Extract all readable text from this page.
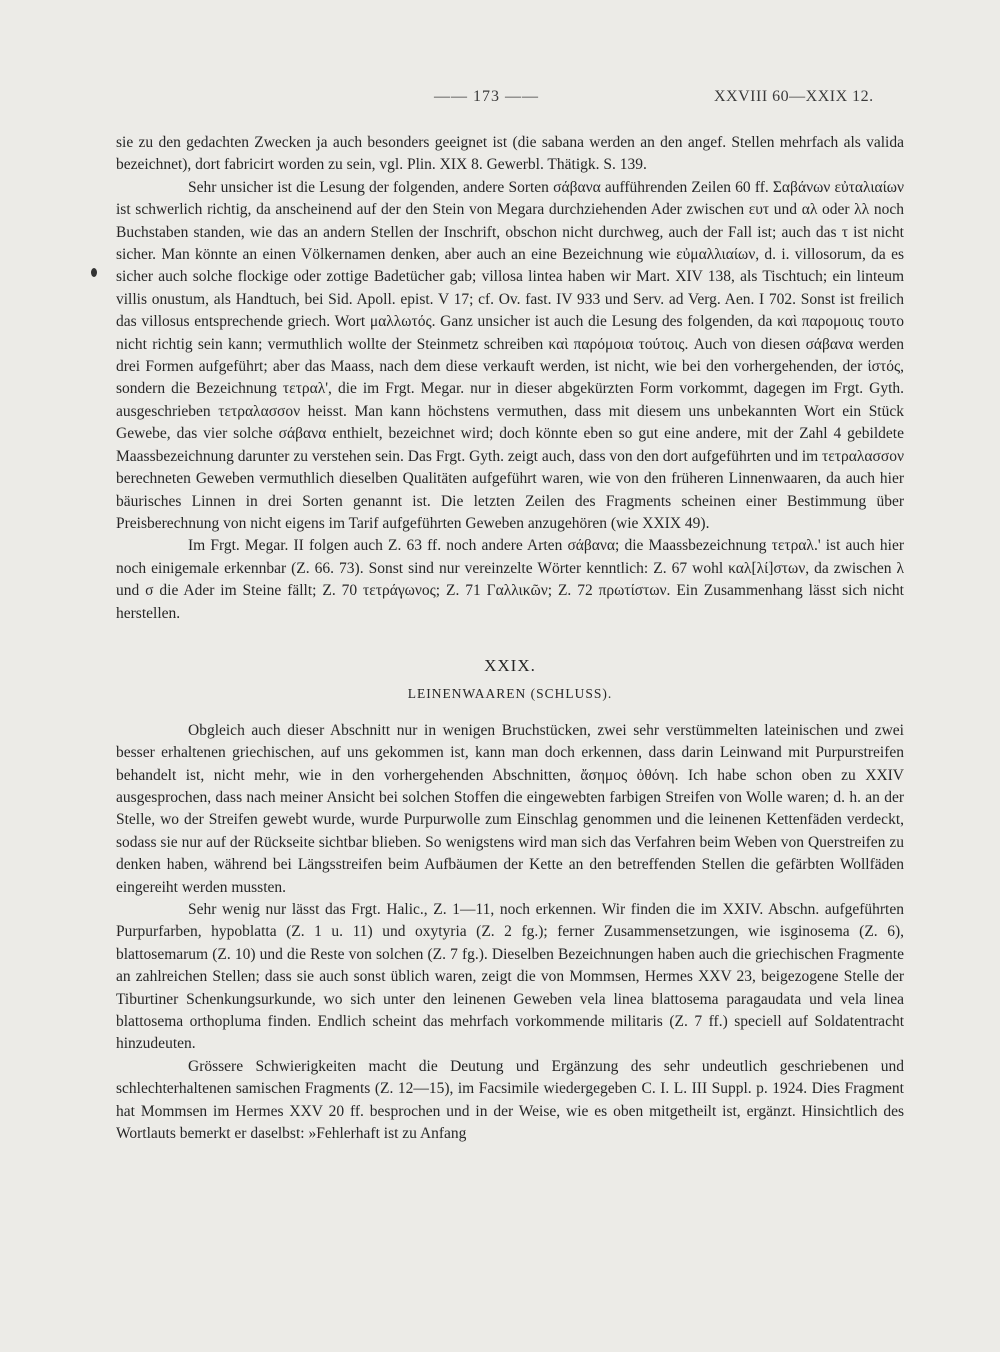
—— 173 ——	XXVIII 60—XXIX 12.

sie zu den gedachten Zwecken ja auch besonders geeignet ist (die sabana werden an den angef. Stellen mehrfach als valida bezeichnet), dort fabricirt worden zu sein, vgl. Plin. XIX 8. Gewerbl. Thätigk. S. 139.

Sehr unsicher ist die Lesung der folgenden, andere Sorten σάβανα aufführenden Zeilen 60 ff. Σαβάνων εὐταλιαίων ist schwerlich richtig, da anscheinend auf der den Stein von Megara durchziehenden Ader zwischen ευτ und αλ oder λλ noch Buchstaben standen, wie das an andern Stellen der Inschrift, obschon nicht durchweg, auch der Fall ist; auch das τ ist nicht sicher. Man könnte an einen Völkernamen denken, aber auch an eine Bezeichnung wie εὐμαλλιαίων, d. i. villosorum, da es sicher auch solche flockige oder zottige Badetücher gab; villosa lintea haben wir Mart. XIV 138, als Tischtuch; ein linteum villis onustum, als Handtuch, bei Sid. Apoll. epist. V 17; cf. Ov. fast. IV 933 und Serv. ad Verg. Aen. I 702. Sonst ist freilich das villosus entsprechende griech. Wort μαλλωτός. Ganz unsicher ist auch die Lesung des folgenden, da καὶ παρομοιις τουτο nicht richtig sein kann; vermuthlich wollte der Steinmetz schreiben καὶ παρόμοια τούτοις. Auch von diesen σάβανα werden drei Formen aufgeführt; aber das Maass, nach dem diese verkauft werden, ist nicht, wie bei den vorhergehenden, der ἱστός, sondern die Bezeichnung τετραλ', die im Frgt. Megar. nur in dieser abgekürzten Form vorkommt, dagegen im Frgt. Gyth. ausgeschrieben τετραλασσον heisst. Man kann höchstens vermuthen, dass mit diesem uns unbekannten Wort ein Stück Gewebe, das vier solche σάβανα enthielt, bezeichnet wird; doch könnte eben so gut eine andere, mit der Zahl 4 gebildete Maassbezeichnung darunter zu verstehen sein. Das Frgt. Gyth. zeigt auch, dass von den dort aufgeführten und im τετραλασσον berechneten Geweben vermuthlich dieselben Qualitäten aufgeführt waren, wie von den früheren Linnenwaaren, da auch hier bäurisches Linnen in drei Sorten genannt ist. Die letzten Zeilen des Fragments scheinen einer Bestimmung über Preisberechnung von nicht eigens im Tarif aufgeführten Geweben anzugehören (wie XXIX 49).

Im Frgt. Megar. II folgen auch Z. 63 ff. noch andere Arten σάβανα; die Maassbezeichnung τετραλ.' ist auch hier noch einigemale erkennbar (Z. 66. 73). Sonst sind nur vereinzelte Wörter kenntlich: Z. 67 wohl καλ[λί]στων, da zwischen λ und σ die Ader im Steine fällt; Z. 70 τετράγωνος; Z. 71 Γαλλικῶν; Z. 72 πρωτίστων. Ein Zusammenhang lässt sich nicht herstellen.

XXIX.
LEINENWAAREN (SCHLUSS).

Obgleich auch dieser Abschnitt nur in wenigen Bruchstücken, zwei sehr verstümmelten lateinischen und zwei besser erhaltenen griechischen, auf uns gekommen ist, kann man doch erkennen, dass darin Leinwand mit Purpurstreifen behandelt ist, nicht mehr, wie in den vorhergehenden Abschnitten, ἄσημος ὀθόνη. Ich habe schon oben zu XXIV ausgesprochen, dass nach meiner Ansicht bei solchen Stoffen die eingewebten farbigen Streifen von Wolle waren; d. h. an der Stelle, wo der Streifen gewebt wurde, wurde Purpurwolle zum Einschlag genommen und die leinenen Kettenfäden verdeckt, sodass sie nur auf der Rückseite sichtbar blieben. So wenigstens wird man sich das Verfahren beim Weben von Querstreifen zu denken haben, während bei Längsstreifen beim Aufbäumen der Kette an den betreffenden Stellen die gefärbten Wollfäden eingereiht werden mussten.

Sehr wenig nur lässt das Frgt. Halic., Z. 1—11, noch erkennen. Wir finden die im XXIV. Abschn. aufgeführten Purpurfarben, hypoblatta (Z. 1 u. 11) und oxytyria (Z. 2 fg.); ferner Zusammensetzungen, wie isginosema (Z. 6), blattosemarum (Z. 10) und die Reste von solchen (Z. 7 fg.). Dieselben Bezeichnungen haben auch die griechischen Fragmente an zahlreichen Stellen; dass sie auch sonst üblich waren, zeigt die von Mommsen, Hermes XXV 23, beigezogene Stelle der Tiburtiner Schenkungsurkunde, wo sich unter den leinenen Geweben vela linea blattosema paragaudata und vela linea blattosema orthopluma finden. Endlich scheint das mehrfach vorkommende militaris (Z. 7 ff.) speciell auf Soldatentracht hinzudeuten.

Grössere Schwierigkeiten macht die Deutung und Ergänzung des sehr undeutlich geschriebenen und schlechterhaltenen samischen Fragments (Z. 12—15), im Facsimile wiedergegeben C. I. L. III Suppl. p. 1924. Dies Fragment hat Mommsen im Hermes XXV 20 ff. besprochen und in der Weise, wie es oben mitgetheilt ist, ergänzt. Hinsichtlich des Wortlauts bemerkt er daselbst: »Fehlerhaft ist zu Anfang
